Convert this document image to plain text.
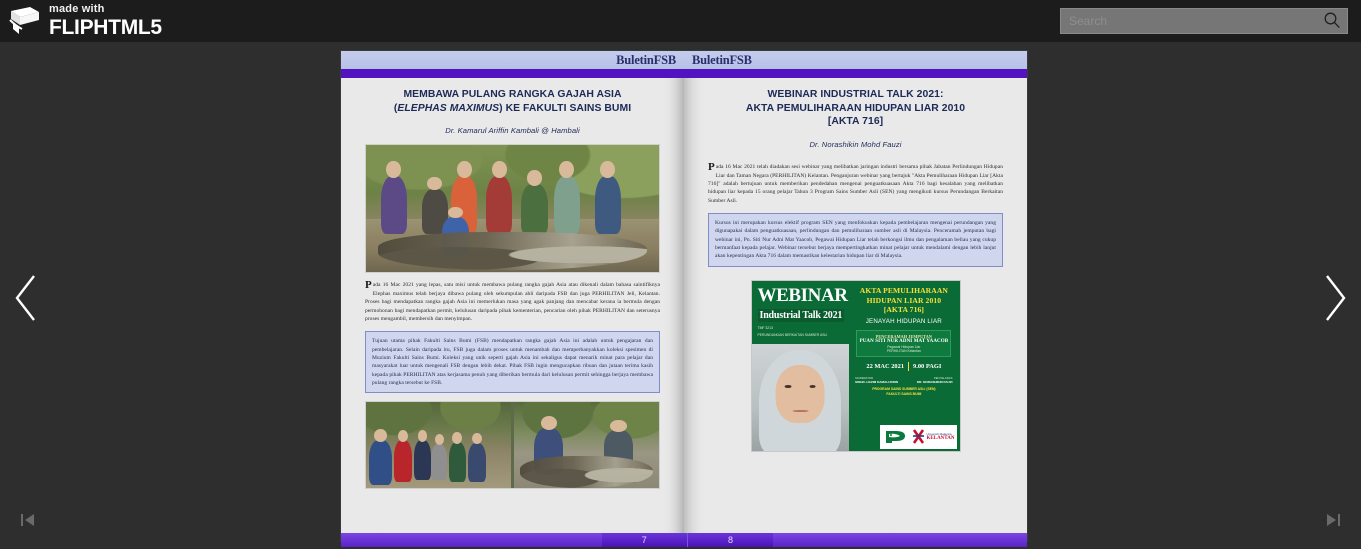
made with
FLIPHTML5
Search
BuletinFSB
MEMBAWA PULANG RANGKA GAJAH ASIA
(ELEPHAS MAXIMUS) KE FAKULTI SAINS BUMI
Dr. Kamarul Ariffin Kambali @ Hambali

Pada 16 Mac 2021 yang lepas, satu misi untuk membawa pulang rangka gajah Asia atau dikenali dalam bahasa saintifiknya Elephas maximus telah berjaya dibawa pulang oleh sekumpulan ahli daripada FSB dan juga PERHILITAN Jeli, Kelantan. Proses bagi mendapatkan rangka gajah Asia ini memerlukan masa yang agak panjang dan mencabar kerana ia bermula dengan permohonan bagi mendapatkan permit, kelulusan daripada pihak kementerian, pencarian oleh pihak PERHILITAN dan seterusnya proses mengambil, membersih dan menyimpan.

Tujuan utama pihak Fakulti Sains Bumi (FSB) mendapatkan rangka gajah Asia ini adalah untuk pengajaran dan pembelajaran. Selain daripada itu, FSB juga dalam proses untuk menambah dan memperbanyakkan koleksi spesimen di Muzium Fakulti Sains Bumi. Koleksi yang unik seperti gajah Asia ini sekaligus dapat menarik minat para pelajar dan masyarakat luar untuk mengenali FSB dengan lebih dekat. Pihak FSB ingin mengucapkan ribuan dan jutaan terima kasih kepada pihak PERHILITAN atas kerjasama penuh yang diberikan bermula dari kelulusan permit sehingga berjaya membawa pulang rangka tersebut ke FSB.

BuletinFSB
WEBINAR INDUSTRIAL TALK 2021:
AKTA PEMULIHARAAN HIDUPAN LIAR 2010
[AKTA 716]
Dr. Norashikin Mohd Fauzi

Pada 16 Mac 2021 telah diadakan sesi webinar yang melibatkan jaringan industri bersama pihak Jabatan Perlindungan Hidupan Liar dan Taman Negara (PERHILITAN) Kelantan. Penganjuran webinar yang bertajuk "Akta Pemuliharaan Hidupan Liar [Akta 716]" adalah bertujuan untuk memberikan pendedahan mengenai penguatkuasaan Akta 716 bagi kesalahan yang melibatkan hidupan liar kepada 15 orang pelajar Tahun 3 Program Sains Sumber Asli (SEN) yang mengikuti kursus Perundangan Berkaitan Sumber Asli.

Kursus ini merupakan kursus elektif program SEN yang menfokuskan kepada pembelajaran mengenai perundangan yang digunapakai dalam penguatkuasaan, perlindungan dan pemuliharaan sumber asli di Malaysia. Penceramah jemputan bagi webinar ini, Pn. Siti Nur Adni Mat Yaacob, Pegawai Hidupan Liar telah berkongsi ilmu dan pengalaman beliau yang cukup bermanfaat kepada pelajar. Webinar tersebut berjaya mempertingkatkan minat pelajar untuk mendalami dengan lebih lanjut akan kepentingan Akta 716 dalam memastikan kelestarian hidupan liar di Malaysia.

WEBINAR
Industrial Talk 2021
TMF 3213
PERUNDANGAN BERKAITAN SUMBER ASLI
AKTA PEMULIHARAAN
HIDUPAN LIAR 2010
[AKTA 716]
JENAYAH HIDUPAN LIAR
PENCERAMAH JEMPUTAN
PUAN SITI NUR ADNI MAT YAACOB
Pegawai Hidupan Liar
PERHILITAN Kelantan
22 MAC 2021 9.00 PAGI
MODERATOR
MOHD. HAZIM KAMALUDDIN
PENYELARAS
DR. NORASHIKIN FAUZI
PROGRAM SAINS SUMBER ASLI (SEN)
FAKULTI SAINS BUMI
Universiti Malaysia
KELANTAN
7	8
